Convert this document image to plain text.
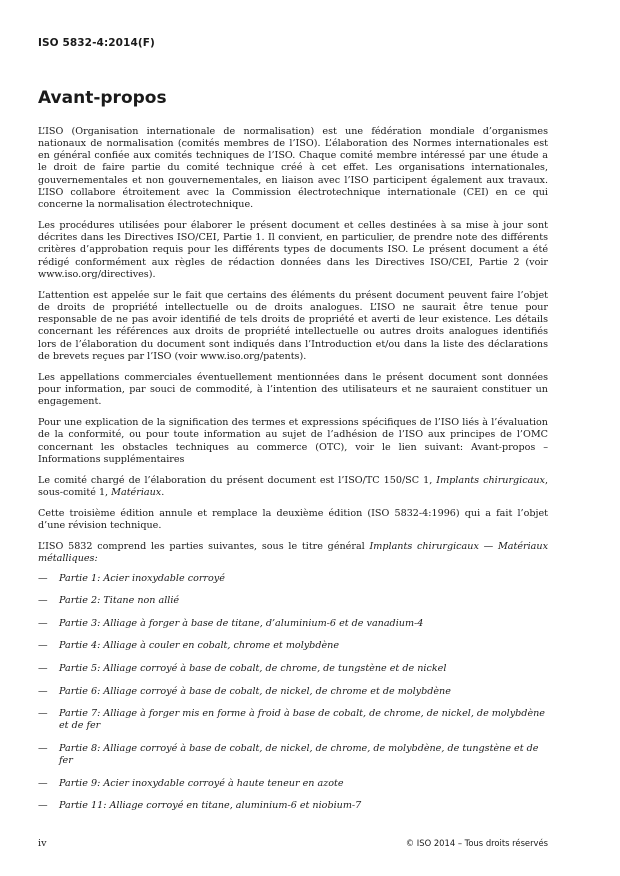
ISO 5832-4:2014(F)
Avant-propos

L’ISO (Organisation internationale de normalisation) est une fédération mondiale d’organismes nationaux de normalisation (comités membres de l’ISO). L’élaboration des Normes internationales est en général confiée aux comités techniques de l’ISO. Chaque comité membre intéressé par une étude a le droit de faire partie du comité technique créé à cet effet. Les organisations internationales, gouvernementales et non gouvernementales, en liaison avec l’ISO participent également aux travaux. L’ISO collabore étroitement avec la Commission électrotechnique internationale (CEI) en ce qui concerne la normalisation électrotechnique.

Les procédures utilisées pour élaborer le présent document et celles destinées à sa mise à jour sont décrites dans les Directives ISO/CEI, Partie 1. Il convient, en particulier, de prendre note des différents critères d’approbation requis pour les différents types de documents ISO. Le présent document a été rédigé conformément aux règles de rédaction données dans les Directives ISO/CEI, Partie 2 (voir www.iso.org/directives).

L’attention est appelée sur le fait que certains des éléments du présent document peuvent faire l’objet de droits de propriété intellectuelle ou de droits analogues. L’ISO ne saurait être tenue pour responsable de ne pas avoir identifié de tels droits de propriété et averti de leur existence. Les détails concernant les références aux droits de propriété intellectuelle ou autres droits analogues identifiés lors de l’élaboration du document sont indiqués dans l’Introduction et/ou dans la liste des déclarations de brevets reçues par l’ISO (voir www.iso.org/patents).

Les appellations commerciales éventuellement mentionnées dans le présent document sont données pour information, par souci de commodité, à l’intention des utilisateurs et ne sauraient constituer un engagement.

Pour une explication de la signification des termes et expressions spécifiques de l’ISO liés à l’évaluation de la conformité, ou pour toute information au sujet de l’adhésion de l’ISO aux principes de l’OMC concernant les obstacles techniques au commerce (OTC), voir le lien suivant: Avant-propos – Informations supplémentaires

Le comité chargé de l’élaboration du présent document est l’ISO/TC 150/SC 1, Implants chirurgicaux, sous-comité 1, Matériaux.

Cette troisième édition annule et remplace la deuxième édition (ISO 5832-4:1996) qui a fait l’objet d’une révision technique.

L’ISO 5832 comprend les parties suivantes, sous le titre général Implants chirurgicaux — Matériaux métalliques:

—	Partie 1: Acier inoxydable corroyé
—	Partie 2: Titane non allié
—	Partie 3: Alliage à forger à base de titane, d’aluminium-6 et de vanadium-4
—	Partie 4: Alliage à couler en cobalt, chrome et molybdène
—	Partie 5: Alliage corroyé à base de cobalt, de chrome, de tungstène et de nickel
—	Partie 6: Alliage corroyé à base de cobalt, de nickel, de chrome et de molybdène
—	Partie 7: Alliage à forger mis en forme à froid à base de cobalt, de chrome, de nickel, de molybdène et de fer
—	Partie 8: Alliage corroyé à base de cobalt, de nickel, de chrome, de molybdène, de tungstène et de fer
—	Partie 9: Acier inoxydable corroyé à haute teneur en azote
—	Partie 11: Alliage corroyé en titane, aluminium-6 et niobium-7
iv	© ISO 2014 – Tous droits réservés
